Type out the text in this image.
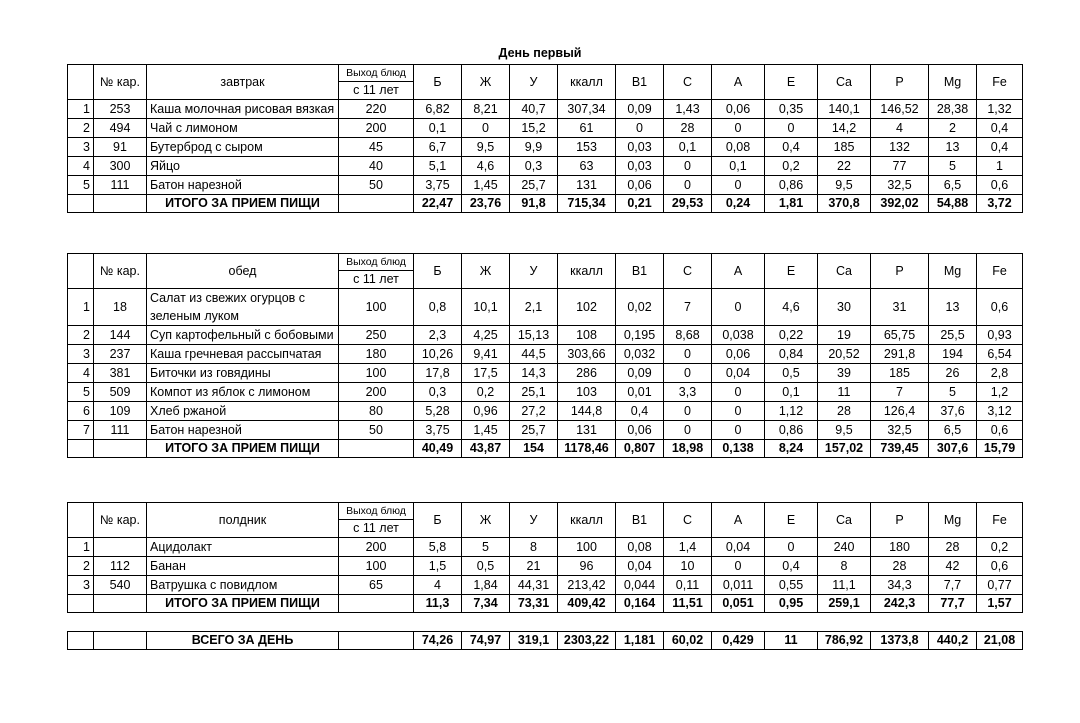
День первый
	№ кар.	завтрак	Выход блюд	Б	Ж	У	ккалл	B1	C	A	E	Ca	P	Mg	Fe
			с 11 лет												
1	253	Каша молочная рисовая вязкая	220	6,82	8,21	40,7	307,34	0,09	1,43	0,06	0,35	140,1	146,52	28,38	1,32
2	494	Чай с лимоном	200	0,1	0	15,2	61	0	28	0	0	14,2	4	2	0,4
3	91	Бутерброд с сыром	45	6,7	9,5	9,9	153	0,03	0,1	0,08	0,4	185	132	13	0,4
4	300	Яйцо	40	5,1	4,6	0,3	63	0,03	0	0,1	0,2	22	77	5	1
5	111	Батон нарезной	50	3,75	1,45	25,7	131	0,06	0	0	0,86	9,5	32,5	6,5	0,6
		ИТОГО ЗА ПРИЕМ ПИЩИ		22,47	23,76	91,8	715,34	0,21	29,53	0,24	1,81	370,8	392,02	54,88	3,72
	№ кар.	обед	Выход блюд	Б	Ж	У	ккалл	B1	C	A	E	Ca	P	Mg	Fe
			с 11 лет												
1	18	Салат из свежих огурцов с зеленым луком	100	0,8	10,1	2,1	102	0,02	7	0	4,6	30	31	13	0,6
2	144	Суп картофельный с бобовыми	250	2,3	4,25	15,13	108	0,195	8,68	0,038	0,22	19	65,75	25,5	0,93
3	237	Каша гречневая рассыпчатая	180	10,26	9,41	44,5	303,66	0,032	0	0,06	0,84	20,52	291,8	194	6,54
4	381	Биточки из говядины	100	17,8	17,5	14,3	286	0,09	0	0,04	0,5	39	185	26	2,8
5	509	Компот из яблок с лимоном	200	0,3	0,2	25,1	103	0,01	3,3	0	0,1	11	7	5	1,2
6	109	Хлеб ржаной	80	5,28	0,96	27,2	144,8	0,4	0	0	1,12	28	126,4	37,6	3,12
7	111	Батон нарезной	50	3,75	1,45	25,7	131	0,06	0	0	0,86	9,5	32,5	6,5	0,6
		ИТОГО ЗА ПРИЕМ ПИЩИ		40,49	43,87	154	1178,46	0,807	18,98	0,138	8,24	157,02	739,45	307,6	15,79
	№ кар.	полдник	Выход блюд	Б	Ж	У	ккалл	B1	C	A	E	Ca	P	Mg	Fe
			с 11 лет												
1		Ацидолакт	200	5,8	5	8	100	0,08	1,4	0,04	0	240	180	28	0,2
2	112	Банан	100	1,5	0,5	21	96	0,04	10	0	0,4	8	28	42	0,6
3	540	Ватрушка с повидлом	65	4	1,84	44,31	213,42	0,044	0,11	0,011	0,55	11,1	34,3	7,7	0,77
		ИТОГО ЗА ПРИЕМ ПИЩИ		11,3	7,34	73,31	409,42	0,164	11,51	0,051	0,95	259,1	242,3	77,7	1,57
		ВСЕГО ЗА ДЕНЬ		74,26	74,97	319,1	2303,22	1,181	60,02	0,429	11	786,92	1373,8	440,2	21,08
